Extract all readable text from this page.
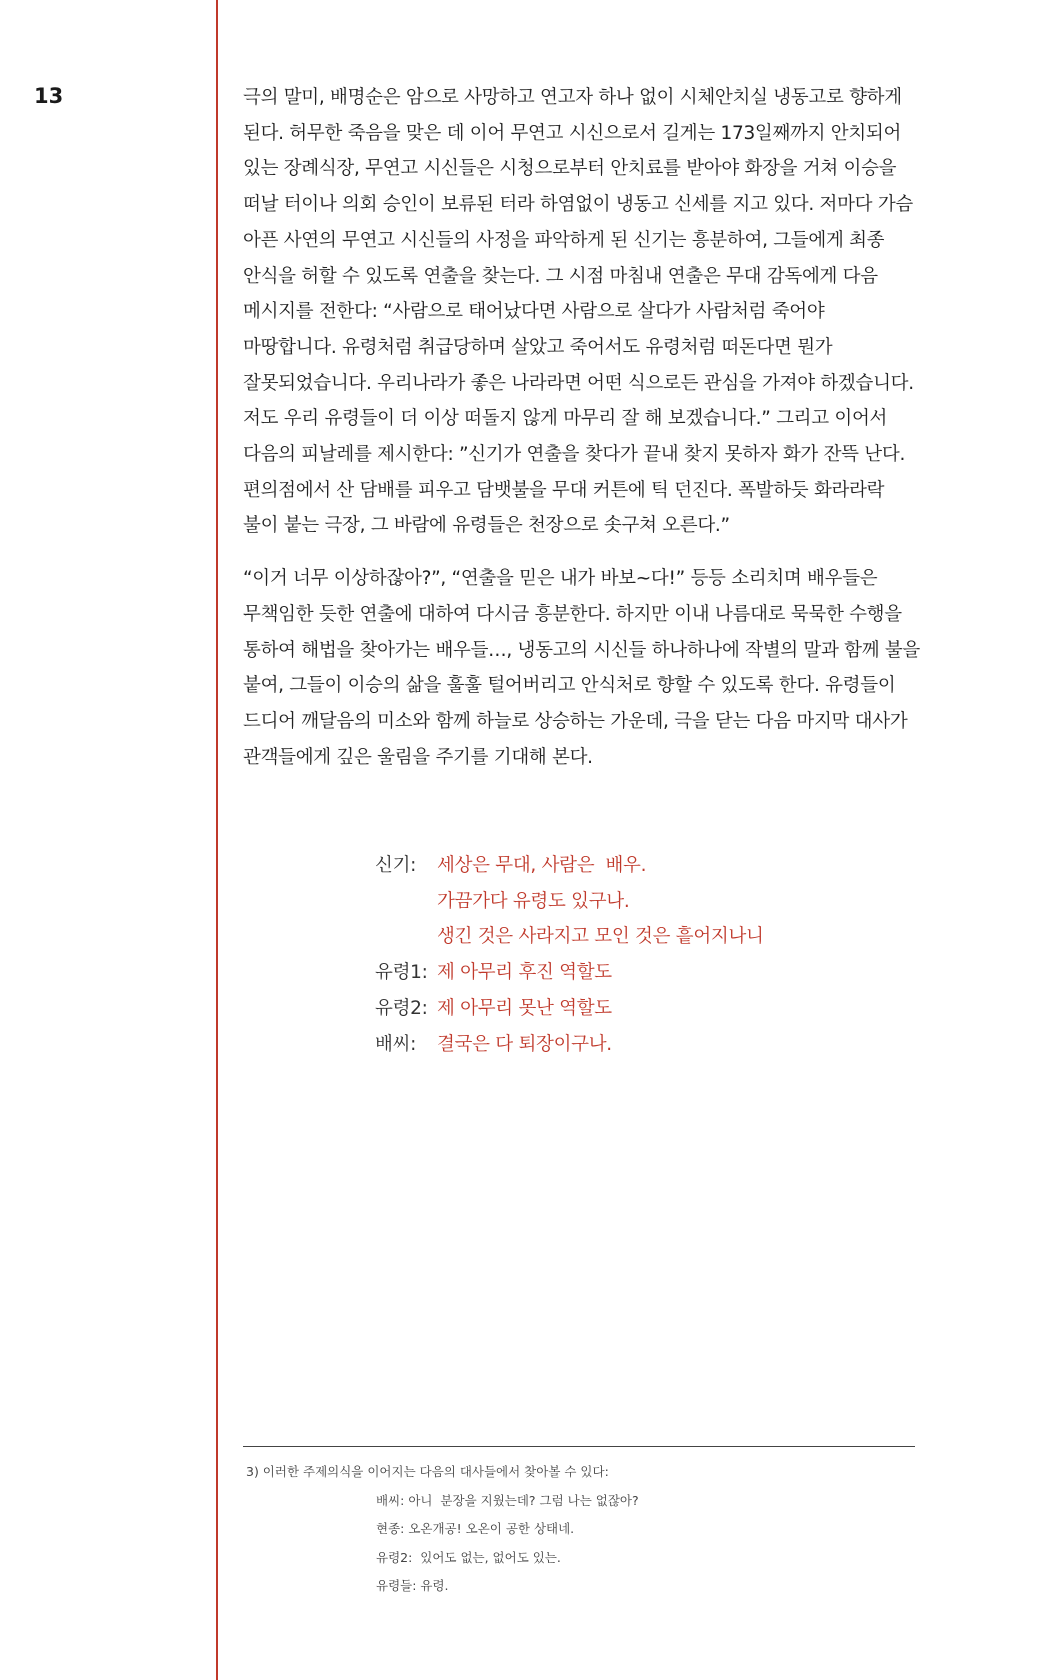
13	극의 말미, 배명순은 암으로 사망하고 연고자 하나 없이 시체안치실 냉동고로 향하게 된다. 허무한 죽음을 맞은 데 이어 무연고 시신으로서 길게는 173일째까지 안치되어 있는 장례식장, 무연고 시신들은 시청으로부터 안치료를 받아야 화장을 거쳐 이승을 떠날 터이나 의회 승인이 보류된 터라 하염없이 냉동고 신세를 지고 있다. 저마다 가슴 아픈 사연의 무연고 시신들의 사정을 파악하게 된 신기는 흥분하여, 그들에게 최종 안식을 허할 수 있도록 연출을 찾는다. 그 시점 마침내 연출은 무대 감독에게 다음 메시지를 전한다: “사람으로 태어났다면 사람으로 살다가 사람처럼 죽어야 마땅합니다. 유령처럼 취급당하며 살았고 죽어서도 유령처럼 떠돈다면 뭔가 잘못되었습니다. 우리나라가 좋은 나라라면 어떤 식으로든 관심을 가져야 하겠습니다. 저도 우리 유령들이 더 이상 떠돌지 않게 마무리 잘 해 보겠습니다.” 그리고 이어서 다음의 피날레를 제시한다: ”신기가 연출을 찾다가 끝내 찾지 못하자 화가 잔뜩 난다. 편의점에서 산 담배를 피우고 담뱃불을 무대 커튼에 틱 던진다. 폭발하듯 화라라락 불이 붙는 극장, 그 바람에 유령들은 천장으로 솟구쳐 오른다.”

“이거 너무 이상하잖아?”, “연출을 믿은 내가 바보~다!” 등등 소리치며 배우들은 무책임한 듯한 연출에 대하여 다시금 흥분한다. 하지만 이내 나름대로 묵묵한 수행을 통하여 해법을 찾아가는 배우들…, 냉동고의 시신들 하나하나에 작별의 말과 함께 불을 붙여, 그들이 이승의 삶을 훌훌 털어버리고 안식처로 향할 수 있도록 한다. 유령들이 드디어 깨달음의 미소와 함께 하늘로 상승하는 가운데, 극을 닫는 다음 마지막 대사가 관객들에게 깊은 울림을 주기를 기대해 본다.

신기:	세상은 무대, 사람은  배우.
가끔가다 유령도 있구나.
생긴 것은 사라지고 모인 것은 흩어지나니
유령1: 제 아무리 후진 역할도
유령2: 제 아무리 못난 역할도
배씨:	결국은 다 퇴장이구나.
3) 이러한 주제의식을 이어지는 다음의 대사들에서 찾아볼 수 있다:
배씨: 아니  분장을 지웠는데? 그럼 나는 없잖아?
현종: 오온개공! 오온이 공한 상태네.
유령2:  있어도 없는, 없어도 있는.
유령들: 유령.
